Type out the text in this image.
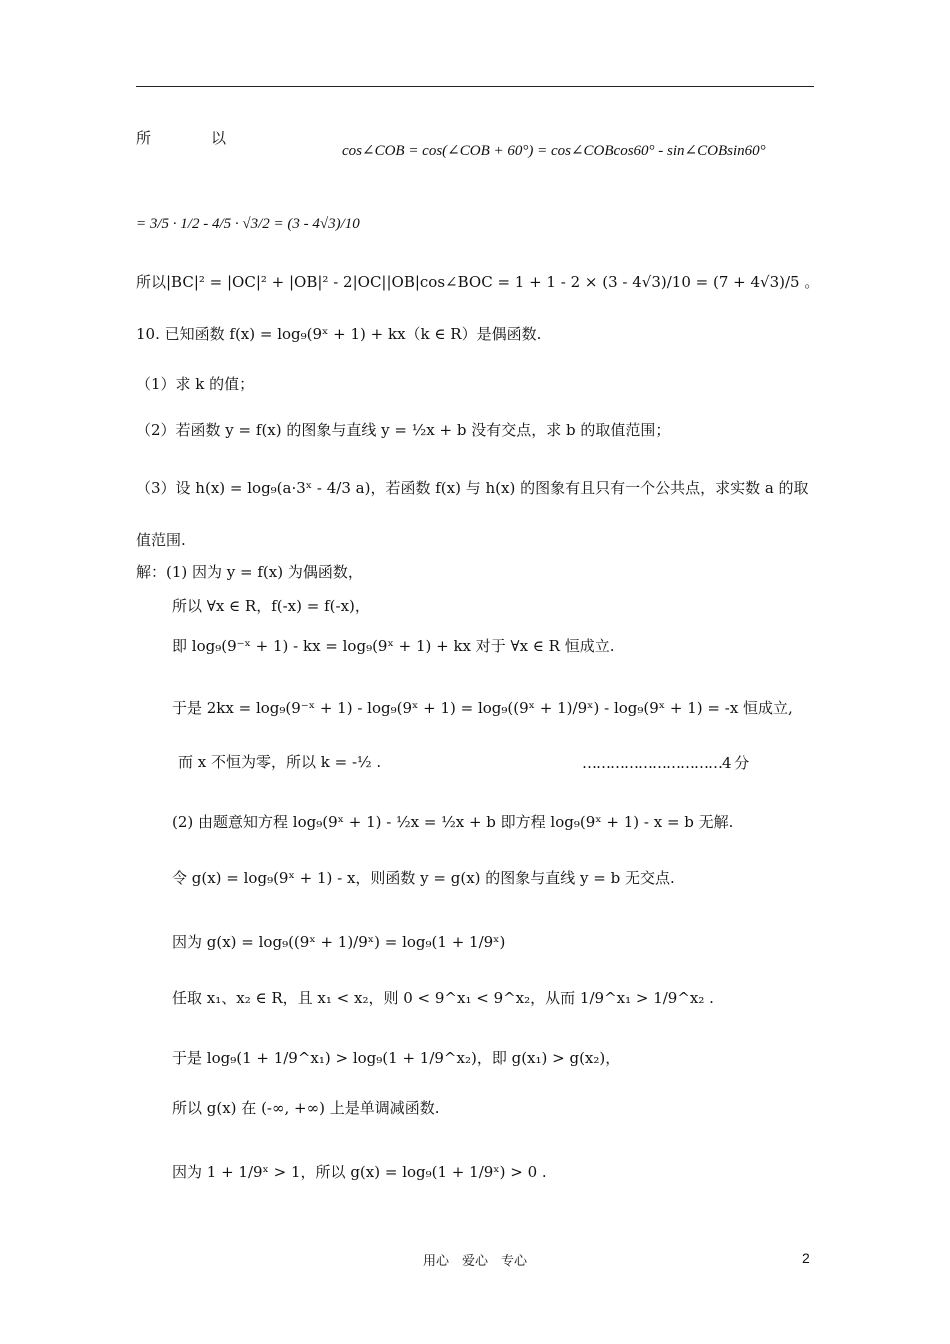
所　　　　以
cos∠COB = cos(∠COB + 60°) = cos∠COBcos60° - sin∠COBsin60°
= 3/5 · 1/2 - 4/5 · √3/2 = (3 - 4√3)/10
所以|BC|² = |OC|² + |OB|² - 2|OC||OB|cos∠BOC = 1 + 1 - 2 × (3 - 4√3)/10 = (7 + 4√3)/5 。
10. 已知函数 f(x) = log₉(9ˣ + 1) + kx（k ∈ R）是偶函数.
（1）求 k 的值；
（2）若函数 y = f(x) 的图象与直线 y = ½x + b 没有交点，求 b 的取值范围；
（3）设 h(x) = log₉(a·3ˣ - 4/3 a)，若函数 f(x) 与 h(x) 的图象有且只有一个公共点，求实数 a 的取
值范围.
解：(1) 因为 y = f(x) 为偶函数，
所以 ∀x ∈ R，f(-x) = f(-x)，
即 log₉(9⁻ˣ + 1) - kx = log₉(9ˣ + 1) + kx 对于 ∀x ∈ R 恒成立.
于是 2kx = log₉(9⁻ˣ + 1) - log₉(9ˣ + 1) = log₉((9ˣ + 1)/9ˣ) - log₉(9ˣ + 1) = -x 恒成立,
而 x 不恒为零，所以 k = -½ .
(2) 由题意知方程 log₉(9ˣ + 1) - ½x = ½x + b 即方程 log₉(9ˣ + 1) - x = b 无解.
令 g(x) = log₉(9ˣ + 1) - x，则函数 y = g(x) 的图象与直线 y = b 无交点.
因为 g(x) = log₉((9ˣ + 1)/9ˣ) = log₉(1 + 1/9ˣ)
任取 x₁、x₂ ∈ R，且 x₁ < x₂，则 0 < 9^x₁ < 9^x₂，从而 1/9^x₁ > 1/9^x₂ .
于是 log₉(1 + 1/9^x₁) > log₉(1 + 1/9^x₂)，即 g(x₁) > g(x₂)，
所以 g(x) 在 (-∞, +∞) 上是单调减函数.
因为 1 + 1/9ˣ > 1，所以 g(x) = log₉(1 + 1/9ˣ) > 0 .
…………………………4 分
用心　爱心　专心	2
